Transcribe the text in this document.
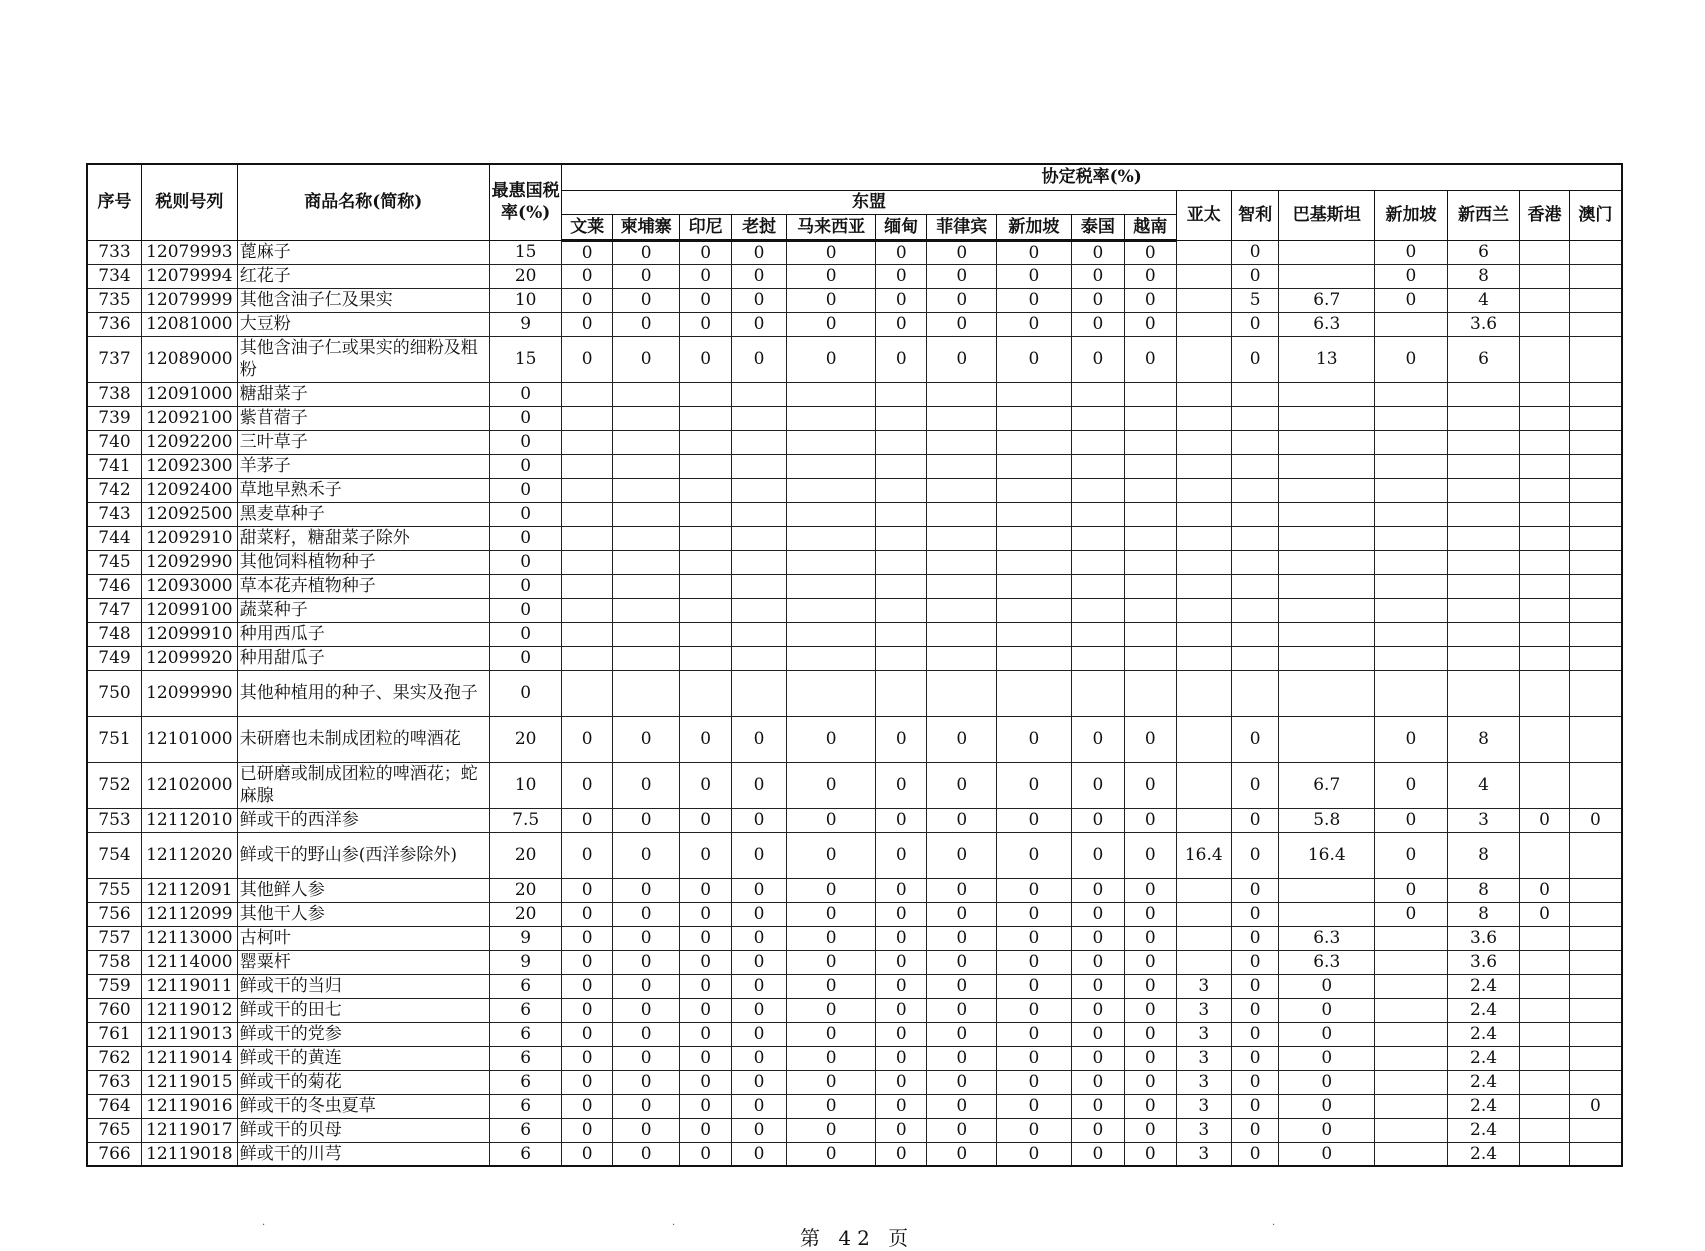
序号	税则号列	商品名称(简称)	最惠国税率(%)	协定税率(%)																
				东盟										亚太	智利	巴基斯坦	新加坡	新西兰	香港	澳门
				文莱	柬埔寨	印尼	老挝	马来西亚	缅甸	菲律宾	新加坡	泰国	越南							
733	12079993	蓖麻子	15	0	0	0	0	0	0	0	0	0	0		0		0	6		
734	12079994	红花子	20	0	0	0	0	0	0	0	0	0	0		0		0	8		
735	12079999	其他含油子仁及果实	10	0	0	0	0	0	0	0	0	0	0		5	6.7	0	4		
736	12081000	大豆粉	9	0	0	0	0	0	0	0	0	0	0		0	6.3		3.6		
737	12089000	其他含油子仁或果实的细粉及粗粉	15	0	0	0	0	0	0	0	0	0	0		0	13	0	6		
738	12091000	糖甜菜子	0																	
739	12092100	紫苜蓿子	0																	
740	12092200	三叶草子	0																	
741	12092300	羊茅子	0																	
742	12092400	草地早熟禾子	0																	
743	12092500	黑麦草种子	0																	
744	12092910	甜菜籽，糖甜菜子除外	0																	
745	12092990	其他饲料植物种子	0																	
746	12093000	草本花卉植物种子	0																	
747	12099100	蔬菜种子	0																	
748	12099910	种用西瓜子	0																	
749	12099920	种用甜瓜子	0																	
750	12099990	其他种植用的种子、果实及孢子	0																	
751	12101000	未研磨也未制成团粒的啤酒花	20	0	0	0	0	0	0	0	0	0	0		0		0	8		
752	12102000	已研磨或制成团粒的啤酒花；蛇麻腺	10	0	0	0	0	0	0	0	0	0	0		0	6.7	0	4		
753	12112010	鲜或干的西洋参	7.5	0	0	0	0	0	0	0	0	0	0		0	5.8	0	3	0	0
754	12112020	鲜或干的野山参(西洋参除外)	20	0	0	0	0	0	0	0	0	0	0	16.4	0	16.4	0	8		
755	12112091	其他鲜人参	20	0	0	0	0	0	0	0	0	0	0		0		0	8	0	
756	12112099	其他干人参	20	0	0	0	0	0	0	0	0	0	0		0		0	8	0	
757	12113000	古柯叶	9	0	0	0	0	0	0	0	0	0	0		0	6.3		3.6		
758	12114000	罂粟杆	9	0	0	0	0	0	0	0	0	0	0		0	6.3		3.6		
759	12119011	鲜或干的当归	6	0	0	0	0	0	0	0	0	0	0	3	0	0		2.4		
760	12119012	鲜或干的田七	6	0	0	0	0	0	0	0	0	0	0	3	0	0		2.4		
761	12119013	鲜或干的党参	6	0	0	0	0	0	0	0	0	0	0	3	0	0		2.4		
762	12119014	鲜或干的黄连	6	0	0	0	0	0	0	0	0	0	0	3	0	0		2.4		
763	12119015	鲜或干的菊花	6	0	0	0	0	0	0	0	0	0	0	3	0	0		2.4		
764	12119016	鲜或干的冬虫夏草	6	0	0	0	0	0	0	0	0	0	0	3	0	0		2.4		0
765	12119017	鲜或干的贝母	6	0	0	0	0	0	0	0	0	0	0	3	0	0		2.4		
766	12119018	鲜或干的川芎	6	0	0	0	0	0	0	0	0	0	0	3	0	0		2.4		
第 42 页
·	·	·
